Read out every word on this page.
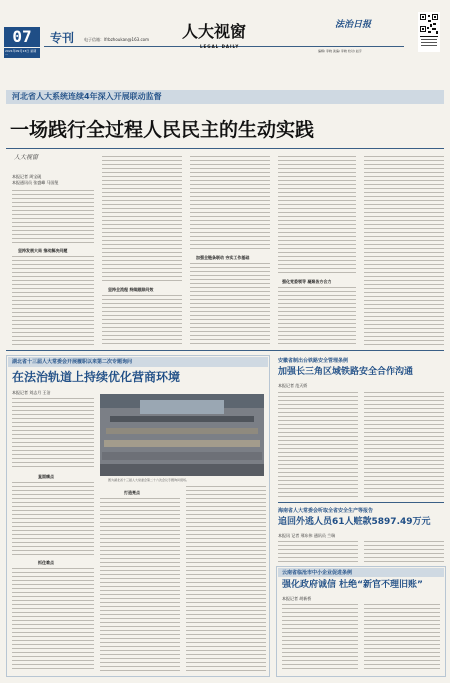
07
2021年09月13日 星期一
专刊 电子信箱：lfrbzhoukan@163.com 人大视窗
LEGAL DAILY
法治日报
编辑/ 李晓 美编/ 李晓 校对/ 赵宇
河北省人大系统连续4年深入开展联动监督
一场践行全过程人民民主的生动实践
人大视窗
本报记者 周宝砚
本报通讯员 张盛峰 马国玺
坚持发展大局 推动解决问题
坚持全流程 持续跟踪问效
加强全链条联动 夯实工作基础
强化党委领导 凝聚各方合力
湖北省十三届人大常委会开展履职以来第二次专题询问
在法治轨道上持续优化营商环境
本报记者 刘志月 王洁
直面痛点
抓住难点
图为湖北省十三届人大常委会第二十六次会议专题询问现场。
打造亮点
安徽省制出台铁路安全管理条例
加强长三角区域铁路安全合作沟通
本报记者 范天娇
海南省人大常委会听取全省安全生产等报告
追回外逃人员61人赃款5897.49万元
本报讯 记者 邢东伟 通讯员 兰瑞
云南省临沧市中小企业促进条例
强化政府诚信 杜绝“新官不理旧账”
本报记者 胡新桥
